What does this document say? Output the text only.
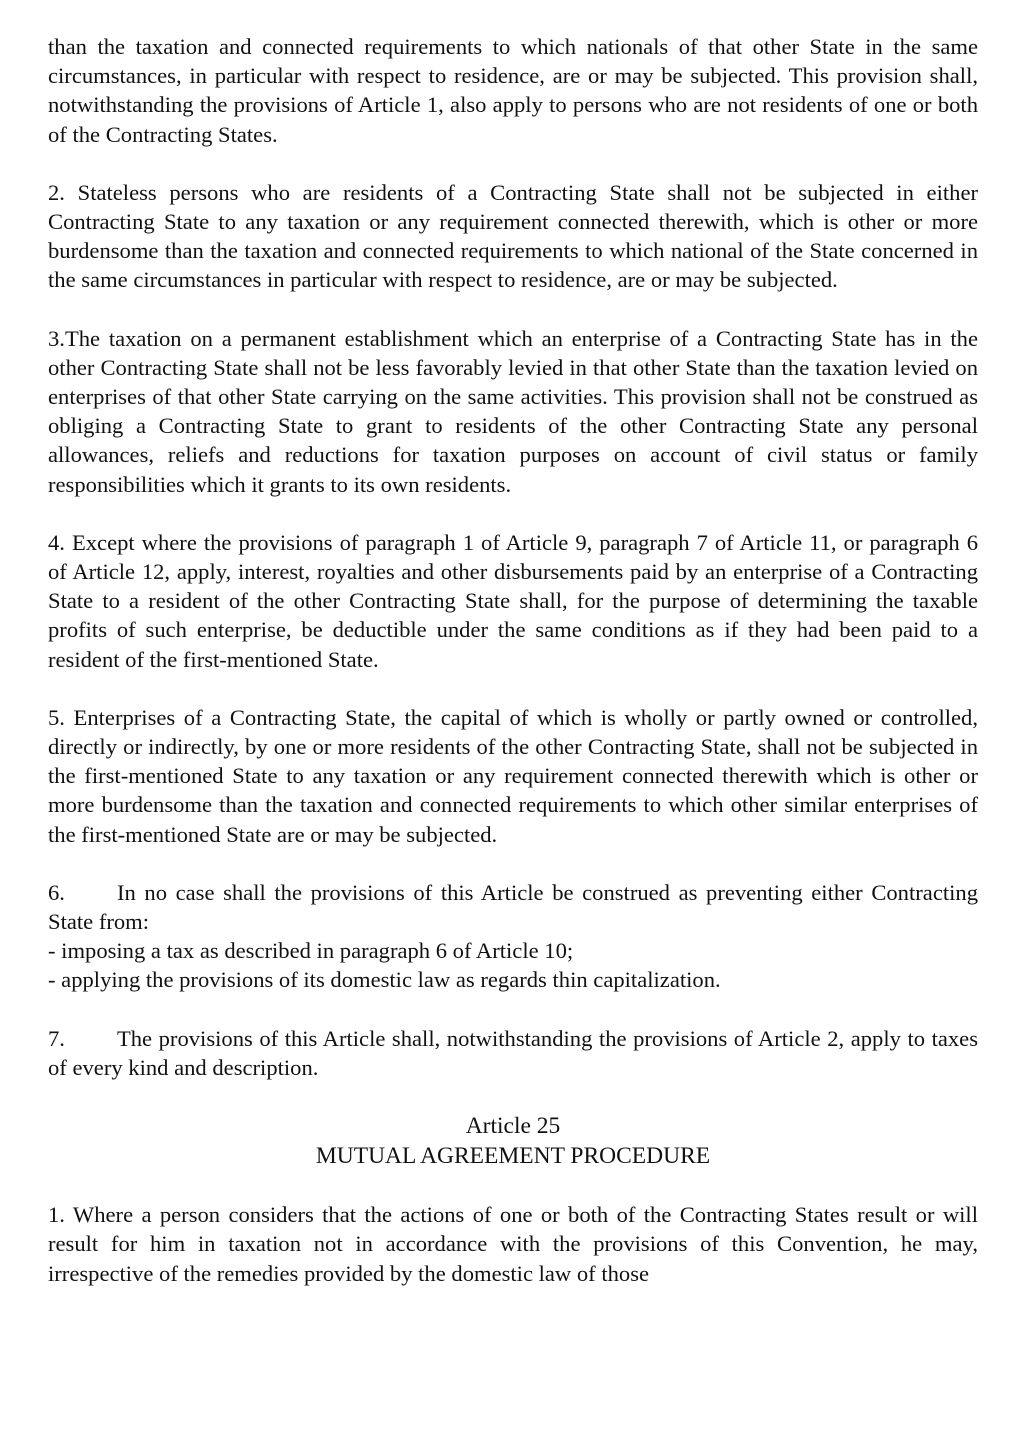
than the taxation and connected requirements to which nationals of that other State in the same circumstances, in particular with respect to residence, are or may be subjected. This provision shall, notwithstanding the provisions of Article 1, also apply to persons who are not residents of one or both of the Contracting States.

2. Stateless persons who are residents of a Contracting State shall not be subjected in either Contracting State to any taxation or any requirement connected therewith, which is other or more burdensome than the taxation and connected requirements to which national of the State concerned in the same circumstances in particular with respect to residence, are or may be subjected.

3.The taxation on a permanent establishment which an enterprise of a Contracting State has in the other Contracting State shall not be less favorably levied in that other State than the taxation levied on enterprises of that other State carrying on the same activities. This provision shall not be construed as obliging a Contracting State to grant to residents of the other Contracting State any personal allowances, reliefs and reductions for taxation purposes on account of civil status or family responsibilities which it grants to its own residents.

4. Except where the provisions of paragraph 1 of Article 9, paragraph 7 of Article 11, or paragraph 6 of Article 12, apply, interest, royalties and other disbursements paid by an enterprise of a Contracting State to a resident of the other Contracting State shall, for the purpose of determining the taxable profits of such enterprise, be deductible under the same conditions as if they had been paid to a resident of the first-mentioned State.

5. Enterprises of a Contracting State, the capital of which is wholly or partly owned or controlled, directly or indirectly, by one or more residents of the other Contracting State, shall not be subjected in the first-mentioned State to any taxation or any requirement connected therewith which is other or more burdensome than the taxation and connected requirements to which other similar enterprises of the first-mentioned State are or may be subjected.

6. In no case shall the provisions of this Article be construed as preventing either Contracting State from:

- imposing a tax as described in paragraph 6 of Article 10;

- applying the provisions of its domestic law as regards thin capitalization.

7. The provisions of this Article shall, notwithstanding the provisions of Article 2, apply to taxes of every kind and description.

Article 25
MUTUAL AGREEMENT PROCEDURE

1. Where a person considers that the actions of one or both of the Contracting States result or will result for him in taxation not in accordance with the provisions of this Convention, he may, irrespective of the remedies provided by the domestic law of those
